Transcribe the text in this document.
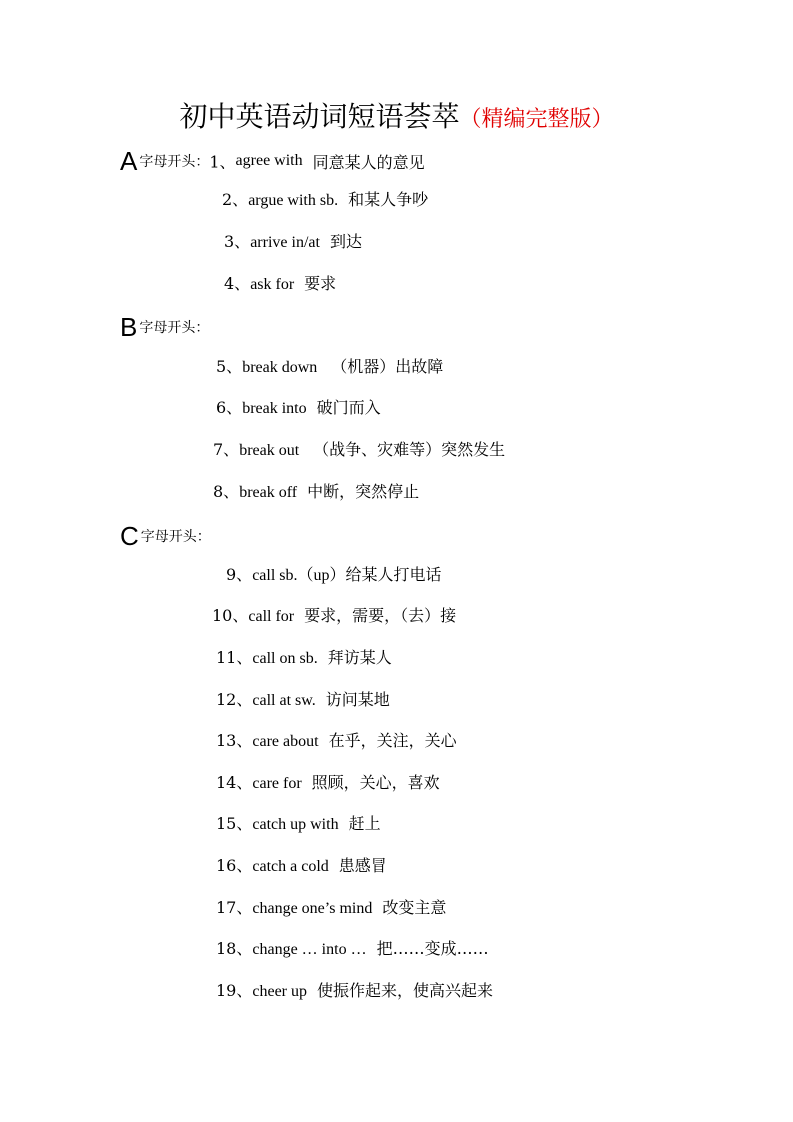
初中英语动词短语荟萃（精编完整版）
A字母开头：1、agree with 同意某人的意见
2、argue with sb. 和某人争吵
3、arrive in/at 到达
4、ask for 要求
B字母开头：
5、break down （机器）出故障
6、break into 破门而入
7、break out （战争、灾难等）突然发生
8、break off 中断，突然停止
C字母开头：
9、call sb.（up）给某人打电话
10、call for 要求，需要，（去）接
11、call on sb. 拜访某人
12、call at sw. 访问某地
13、care about 在乎，关注，关心
14、care for 照顾，关心，喜欢
15、catch up with 赶上
16、catch a cold 患感冒
17、change one’s mind 改变主意
18、change … into … 把……变成……
19、cheer up 使振作起来，使高兴起来
